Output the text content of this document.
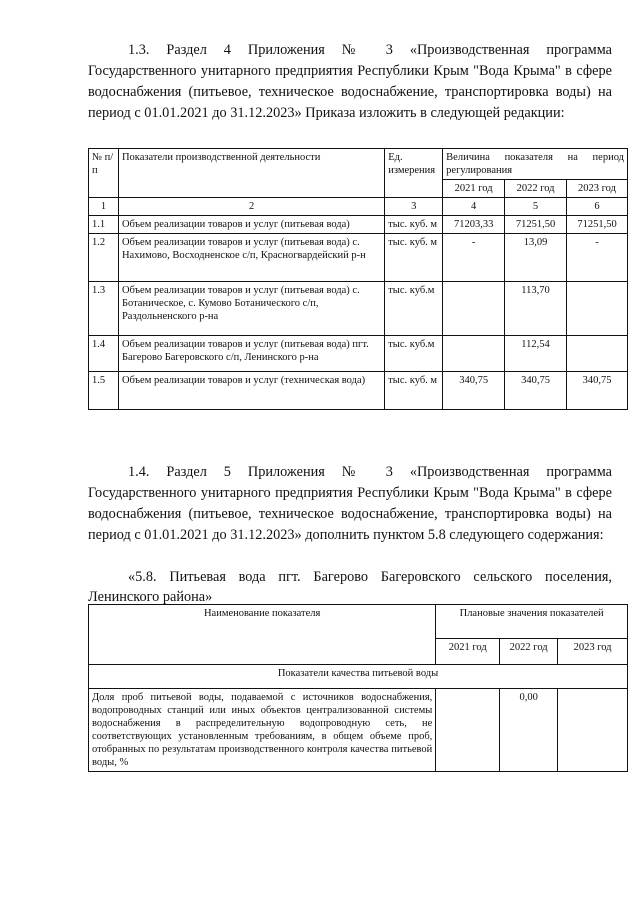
1.3. Раздел 4 Приложения № 3 «Производственная программа Государственного унитарного предприятия Республики Крым "Вода Крыма" в сфере водоснабжения (питьевое, техническое водоснабжение, транспортировка воды) на период с 01.01.2021 до 31.12.2023» Приказа изложить в следующей редакции:

№ п/п	Показатели производственной деятельности	Ед. измерения	Величина показателя на период регулирования		
			2021 год	2022 год	2023 год
1	2	3	4	5	6
1.1	Объем реализации товаров и услуг (питьевая вода)	тыс. куб. м	71203,33	71251,50	71251,50
1.2	Объем реализации товаров и услуг (питьевая вода) с. Нахимово, Восходненское с/п, Красногвардейский р-н	тыс. куб. м	-	13,09	-
1.3	Объем реализации товаров и услуг (питьевая вода) с. Ботаническое, с. Кумово Ботанического с/п, Раздольненского р-на	тыс. куб.м		113,70	
1.4	Объем реализации товаров и услуг (питьевая вода) пгт. Багерово Багеровского с/п, Ленинского р-на	тыс. куб.м		112,54	
1.5	Объем реализации товаров и услуг (техническая вода)	тыс. куб. м	340,75	340,75	340,75

1.4. Раздел 5 Приложения № 3 «Производственная программа Государственного унитарного предприятия Республики Крым "Вода Крыма" в сфере водоснабжения (питьевое, техническое водоснабжение, транспортировка воды) на период с 01.01.2021 до 31.12.2023» дополнить пунктом 5.8 следующего содержания:

«5.8. Питьевая вода пгт. Багерово Багеровского сельского поселения, Ленинского района»

Наименование показателя	Плановые значения показателей		
	2021 год	2022 год	2023 год
Показатели качества питьевой воды			
Доля проб питьевой воды, подаваемой с источников водоснабжения, водопроводных станций или иных объектов централизованной системы водоснабжения в распределительную водопроводную сеть, не соответствующих установленным требованиям, в общем объеме проб, отобранных по результатам производственного контроля качества питьевой воды, %		0,00	
